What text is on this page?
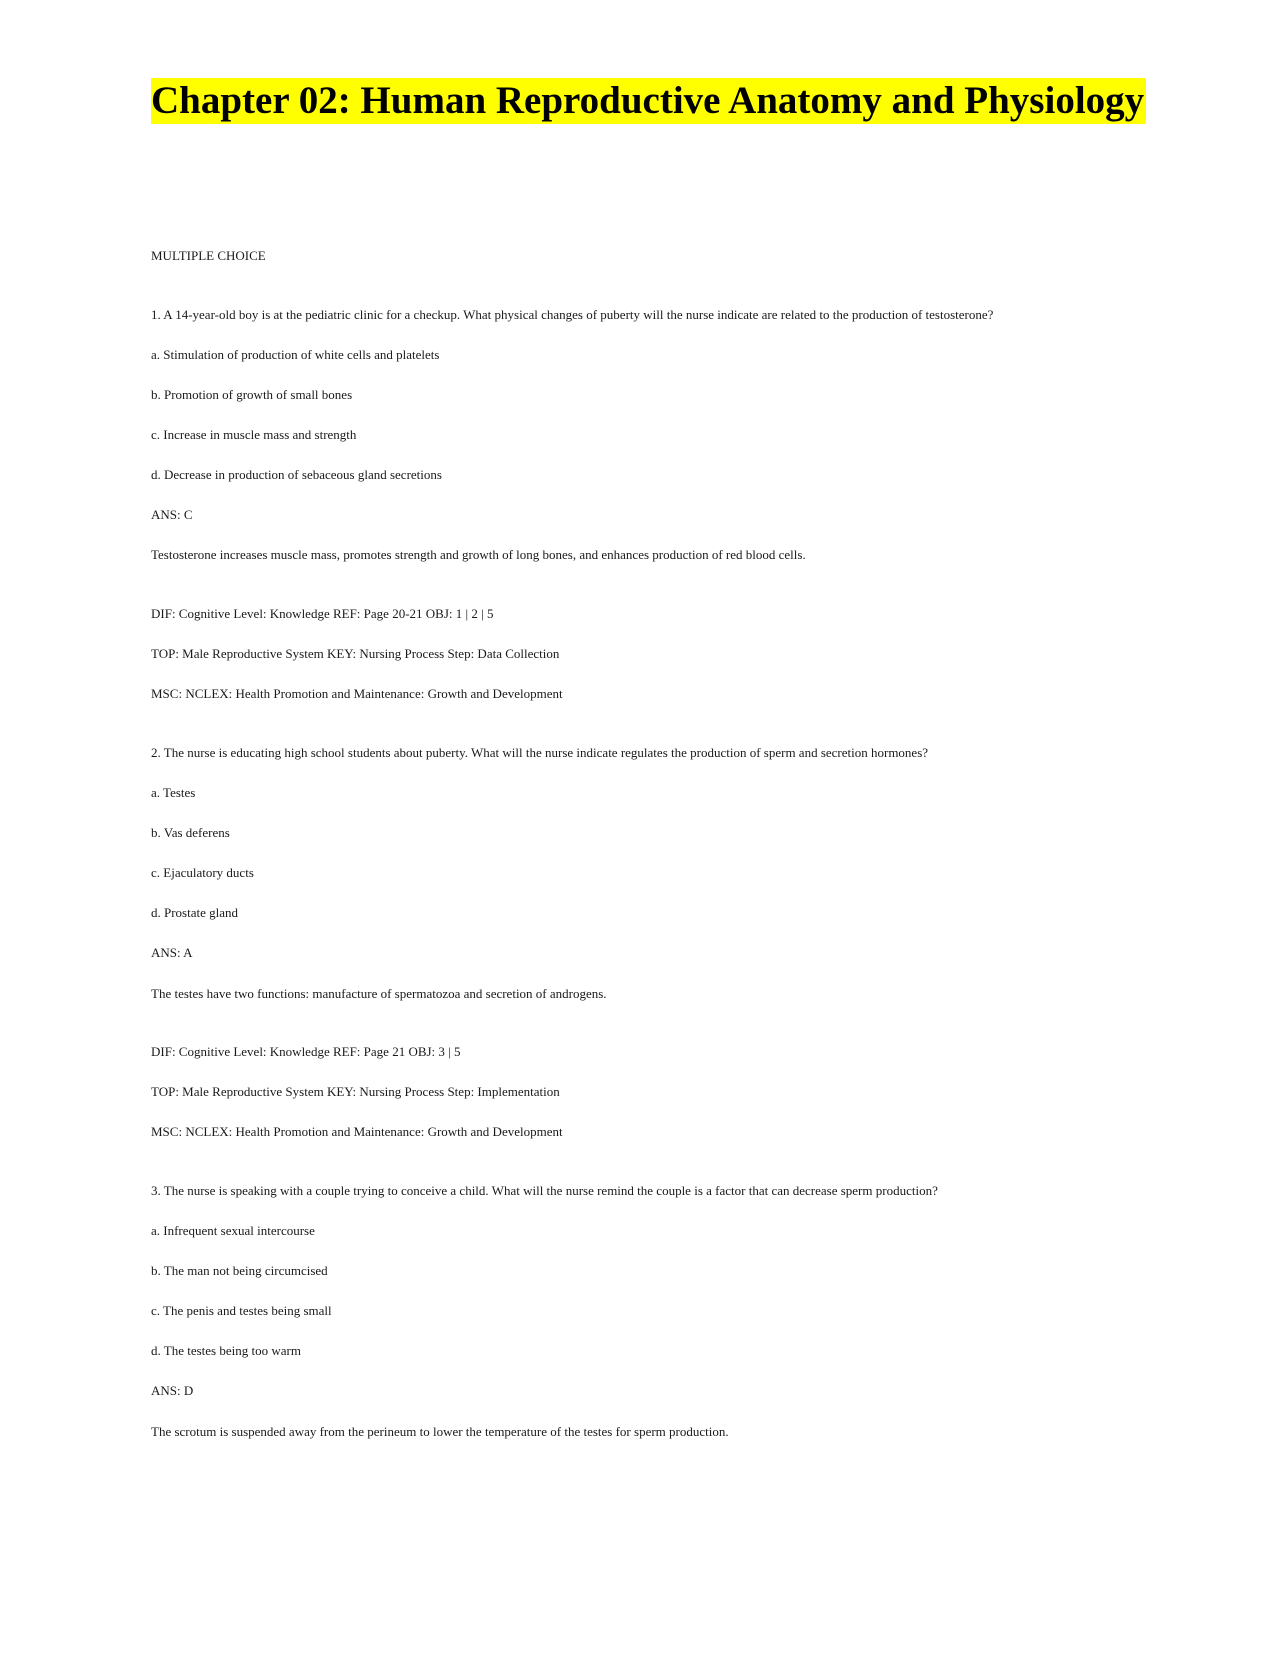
Chapter 02: Human Reproductive Anatomy and Physiology

MULTIPLE CHOICE

1. A 14-year-old boy is at the pediatric clinic for a checkup. What physical changes of puberty will the nurse indicate are related to the production of testosterone?

a. Stimulation of production of white cells and platelets

b. Promotion of growth of small bones

c. Increase in muscle mass and strength

d. Decrease in production of sebaceous gland secretions

ANS: C

Testosterone increases muscle mass, promotes strength and growth of long bones, and enhances production of red blood cells.

DIF: Cognitive Level: Knowledge REF: Page 20-21 OBJ: 1 | 2 | 5

TOP: Male Reproductive System KEY: Nursing Process Step: Data Collection

MSC: NCLEX: Health Promotion and Maintenance: Growth and Development

2. The nurse is educating high school students about puberty. What will the nurse indicate regulates the production of sperm and secretion hormones?

a. Testes

b. Vas deferens

c. Ejaculatory ducts

d. Prostate gland

ANS: A

The testes have two functions: manufacture of spermatozoa and secretion of androgens.

DIF: Cognitive Level: Knowledge REF: Page 21 OBJ: 3 | 5

TOP: Male Reproductive System KEY: Nursing Process Step: Implementation

MSC: NCLEX: Health Promotion and Maintenance: Growth and Development

3. The nurse is speaking with a couple trying to conceive a child. What will the nurse remind the couple is a factor that can decrease sperm production?

a. Infrequent sexual intercourse

b. The man not being circumcised

c. The penis and testes being small

d. The testes being too warm

ANS: D

The scrotum is suspended away from the perineum to lower the temperature of the testes for sperm production.
